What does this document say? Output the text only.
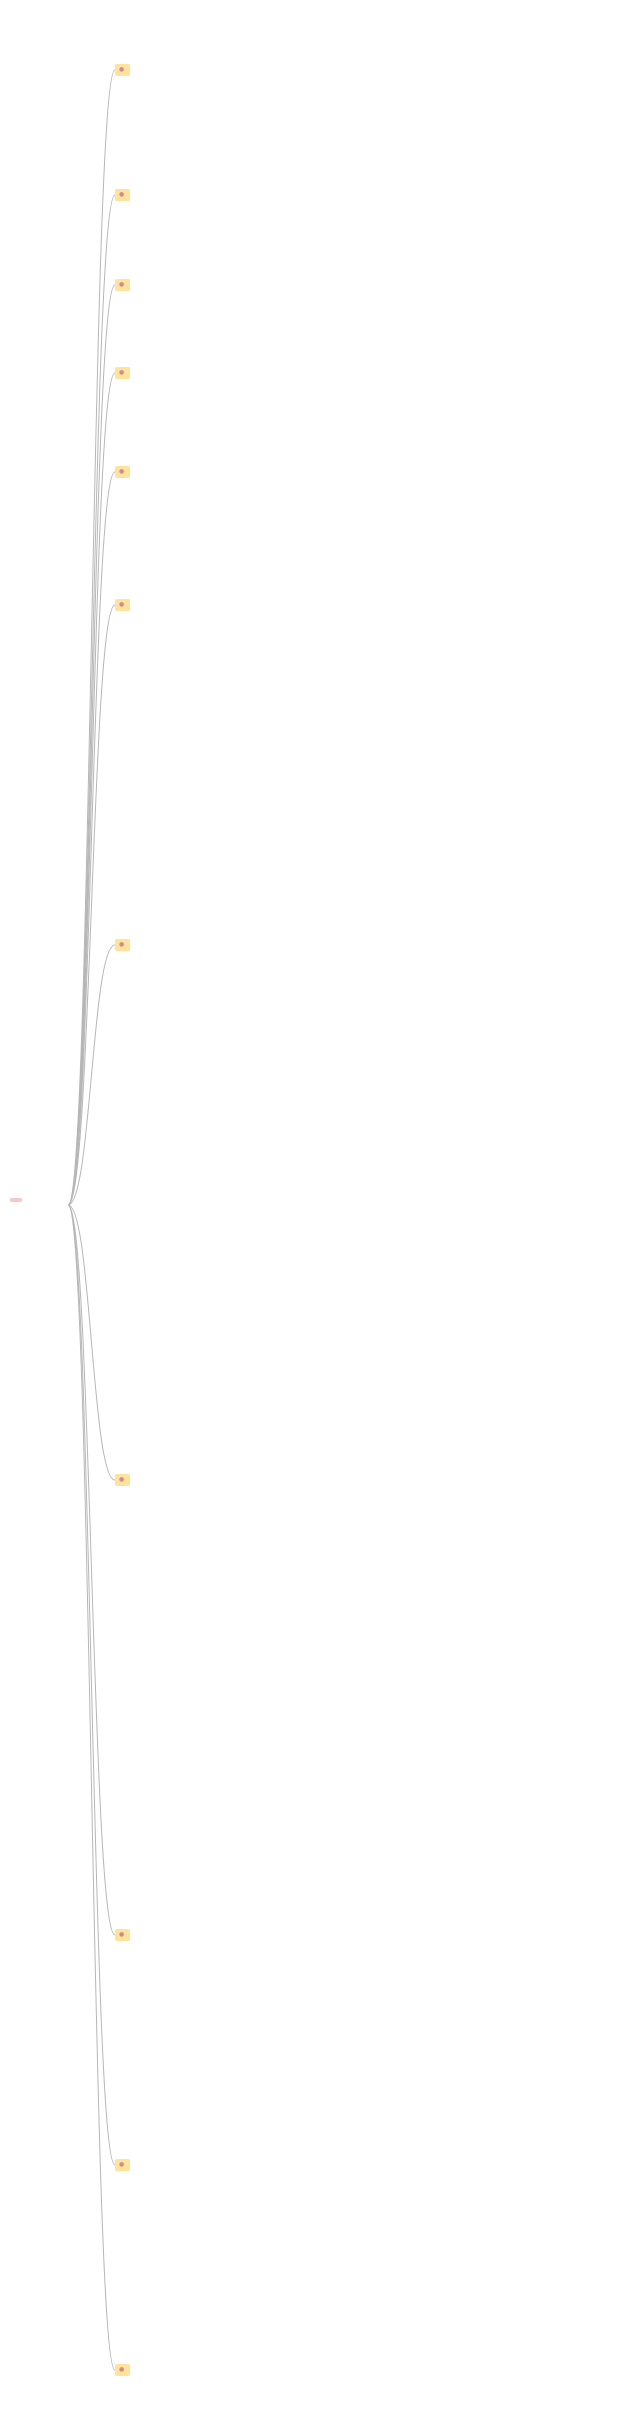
●
●
●
●
●
●
●
●
●
●
●
